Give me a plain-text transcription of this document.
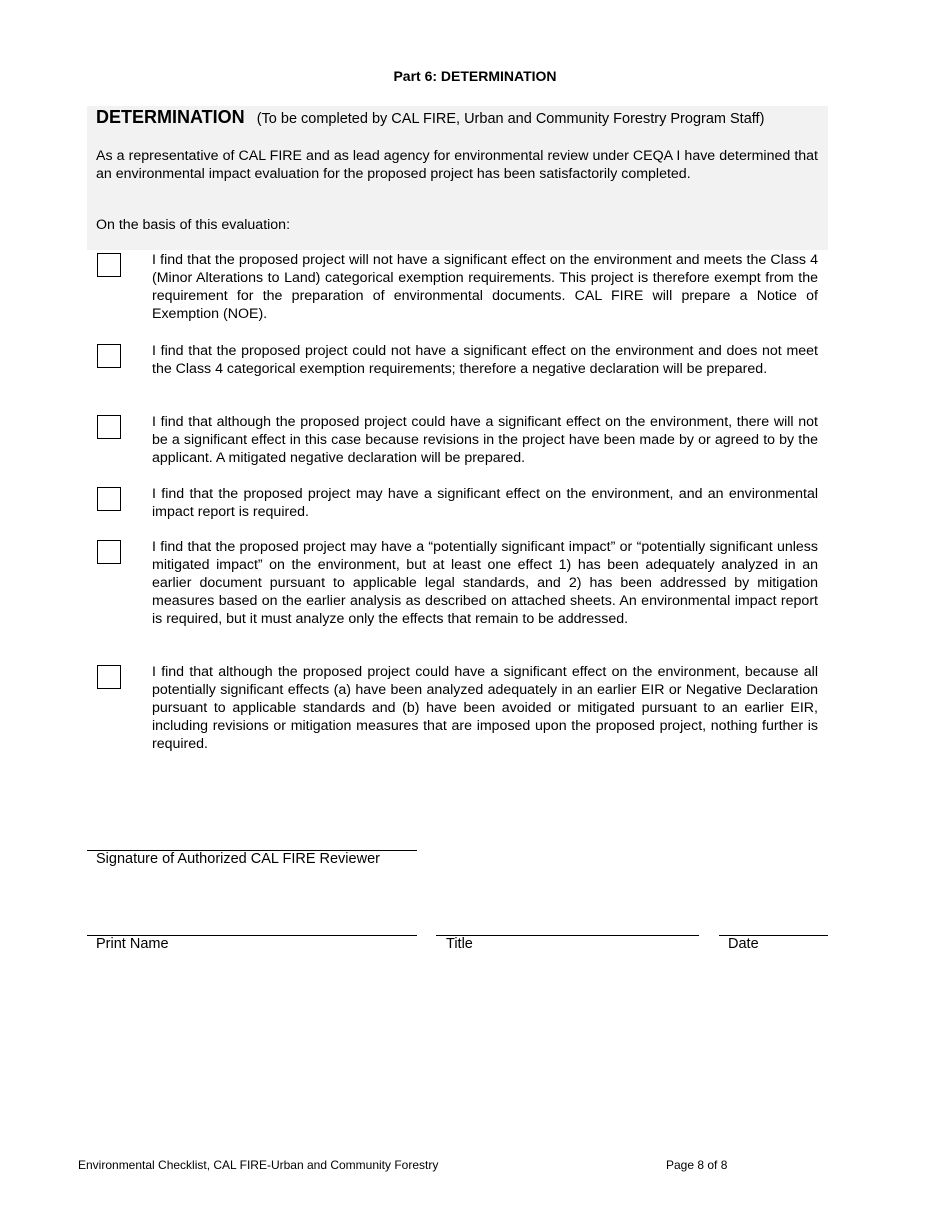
Part 6: DETERMINATION
DETERMINATION (To be completed by CAL FIRE, Urban and Community Forestry Program Staff)
As a representative of CAL FIRE and as lead agency for environmental review under CEQA I have determined that an environmental impact evaluation for the proposed project has been satisfactorily completed.
On the basis of this evaluation:
I find that the proposed project will not have a significant effect on the environment and meets the Class 4 (Minor Alterations to Land) categorical exemption requirements. This project is therefore exempt from the requirement for the preparation of environmental documents. CAL FIRE will prepare a Notice of Exemption (NOE).
I find that the proposed project could not have a significant effect on the environment and does not meet the Class 4 categorical exemption requirements; therefore a negative declaration will be prepared.
I find that although the proposed project could have a significant effect on the environment, there will not be a significant effect in this case because revisions in the project have been made by or agreed to by the applicant. A mitigated negative declaration will be prepared.
I find that the proposed project may have a significant effect on the environment, and an environmental impact report is required.
I find that the proposed project may have a “potentially significant impact” or “potentially significant unless mitigated impact” on the environment, but at least one effect 1) has been adequately analyzed in an earlier document pursuant to applicable legal standards, and 2) has been addressed by mitigation measures based on the earlier analysis as described on attached sheets. An environmental impact report is required, but it must analyze only the effects that remain to be addressed.
I find that although the proposed project could have a significant effect on the environment, because all potentially significant effects (a) have been analyzed adequately in an earlier EIR or Negative Declaration pursuant to applicable standards and (b) have been avoided or mitigated pursuant to an earlier EIR, including revisions or mitigation measures that are imposed upon the proposed project, nothing further is required.
Signature of Authorized CAL FIRE Reviewer
Print Name	Title	Date
Environmental Checklist, CAL FIRE-Urban and Community Forestry	Page 8 of 8
